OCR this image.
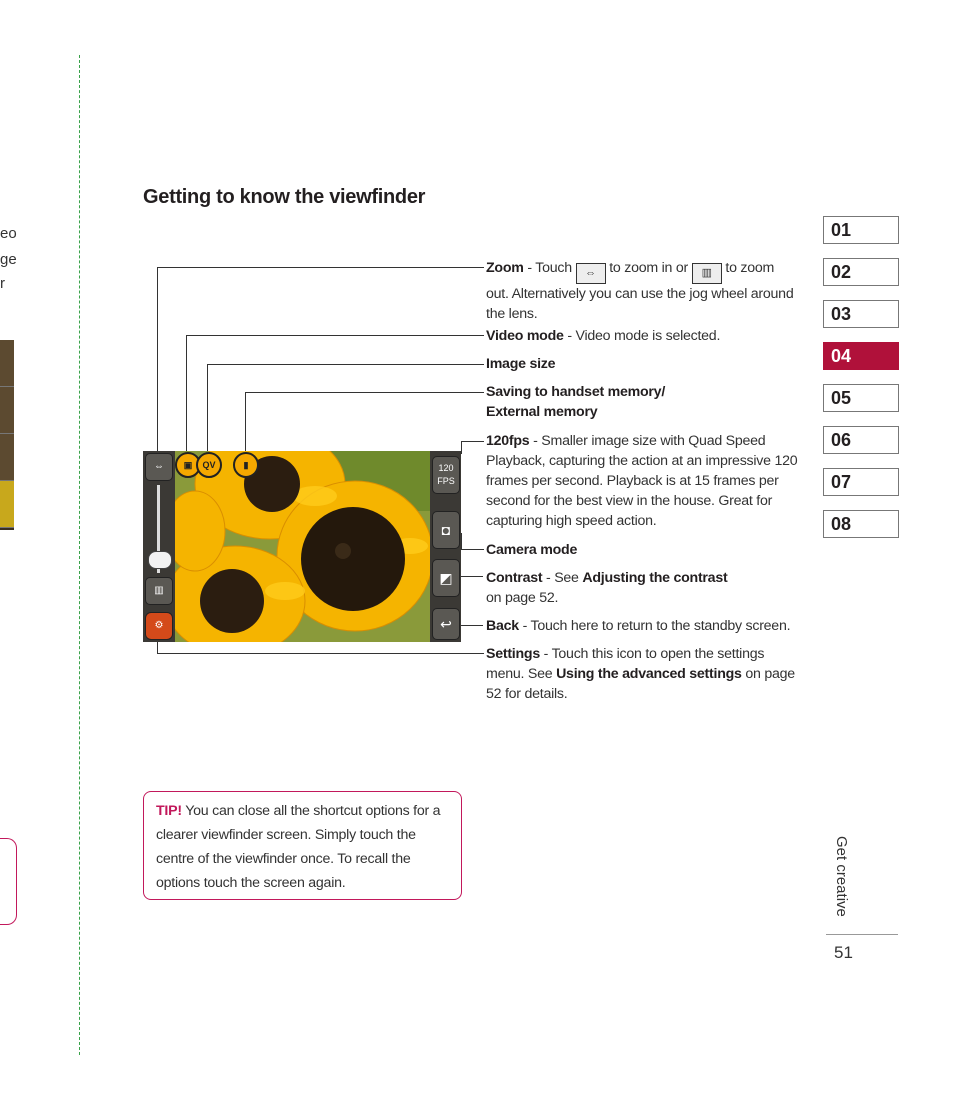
eo
ge
r
Getting to know the viewfinder
01
02
03
04
05
06
07
08
Get creative
51
⇔
▥
⚙
▣	QV	▮	120 FPS
◘
◩
↩
Zoom - Touch ⇔ to zoom in or ▥ to zoom out. Alternatively you can use the jog wheel around the lens.
Video mode - Video mode is selected.
Image size
Saving to handset memory/
External memory
120fps - Smaller image size with Quad Speed Playback, capturing the action at an impressive 120 frames per second. Playback is at 15 frames per second for the best view in the house. Great for capturing high speed action.
Camera mode
Contrast - See Adjusting the contrast
on page 52.
Back - Touch here to return to the standby screen.
Settings - Touch this icon to open the settings menu. See Using the advanced settings on page 52 for details.
TIP! You can close all the shortcut options for a clearer viewfinder screen. Simply touch the centre of the viewfinder once. To recall the options touch the screen again.
